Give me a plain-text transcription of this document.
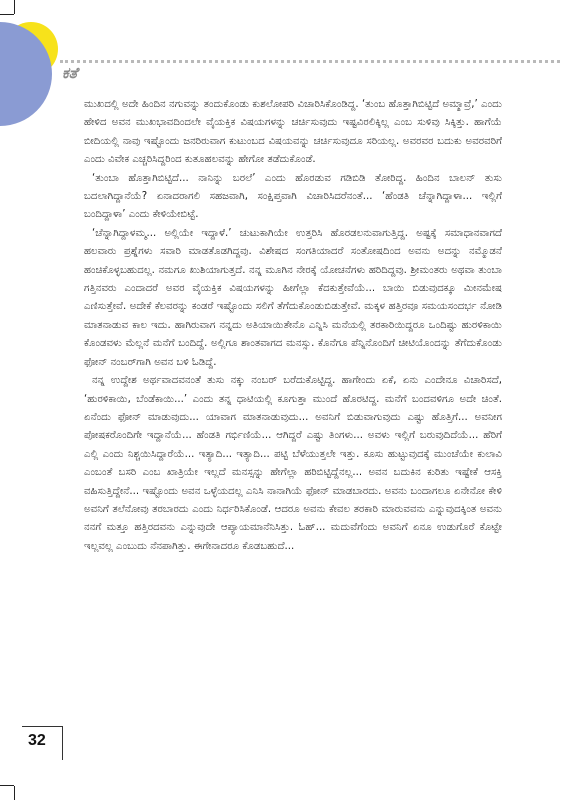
ಕತೆ

ಮುಖದಲ್ಲಿ ಅದೇ ಹಿಂದಿನ ನಗುವನ್ನು ತಂದುಕೊಂಡು ಕುಶಲೋಪರಿ ವಿಚಾರಿಸಿಕೊಂಡಿದ್ದ. ‘ತುಂಬ ಹೊತ್ತಾಗಿಬಿಟ್ಟಿದೆ ಅಮ್ಮಾವ್ರೆ,’ ಎಂದು ಹೇಳಿದ ಅವನ ಮುಖಭಾವದಿಂದಲೇ ವೈಯಕ್ತಿಕ ವಿಷಯಗಳನ್ನು ಚರ್ಚಿಸುವುದು ಇಷ್ಟವಿರಲಿಕ್ಕಿಲ್ಲ ಎಂಬ ಸುಳಿವು ಸಿಕ್ಕಿತ್ತು. ಹಾಗೆಯೆ ಬೀದಿಯಲ್ಲಿ ನಾವು ಇಷ್ಟೊಂದು ಜನರಿರುವಾಗ ಕುಟುಂಬದ ವಿಷಯವನ್ನು ಚರ್ಚಿಸುವುದೂ ಸರಿಯಲ್ಲ. ಅವರವರ ಬದುಕು ಅವರವರಿಗೆ ಎಂದು ವಿವೇಕ ಎಚ್ಚರಿಸಿದ್ದರಿಂದ ಕುತೂಹಲವನ್ನು ಹೇಗೋ ತಡೆದುಕೊಂಡೆ.

‘ತುಂಬಾ ಹೊತ್ತಾಗಿಬಿಟ್ಟಿದೆ... ನಾನಿನ್ನು ಬರಲೆ’ ಎಂದು ಹೊರಡುವ ಗಡಿಬಿಡಿ ತೋರಿದ್ದ. ಹಿಂದಿನ ಬಾಲನ್ ತುಸು ಬದಲಾಗಿದ್ದಾನೆಯೆ? ಏನಾದರಾಗಲಿ ಸಹಜವಾಗಿ, ಸಂಕ್ಷಿಪ್ತವಾಗಿ ವಿಚಾರಿಸಿದರೆನಂತೆ... ‘ಹೆಂಡತಿ ಚೆನ್ನಾಗಿದ್ದಾಳಾ... ಇಲ್ಲಿಗೆ ಬಂದಿದ್ದಾಳಾ’ ಎಂದು ಕೇಳಿಯೇಬಿಟ್ಟೆ.

‘ಚೆನ್ನಾಗಿದ್ದಾಳಮ್ಮ... ಅಲ್ಲಿಯೇ ಇದ್ದಾಳೆ.’ ಚುಟುಕಾಗಿಯೇ ಉತ್ತರಿಸಿ ಹೊರಡಲನುವಾಗುತ್ತಿದ್ದ. ಅಷ್ಟಕ್ಕೆ ಸಮಾಧಾನವಾಗದೆ ಹಲವಾರು ಪ್ರಶ್ನೆಗಳು ಸವಾರಿ ಮಾಡತೊಡಗಿದ್ದವು. ವಿಶೇಷದ ಸಂಗತಿಯಾದರೆ ಸಂತೋಷದಿಂದ ಅವನು ಅದನ್ನು ನಮ್ಮೊಡನೆ ಹಂಚಿಕೊಳ್ಳಬಹುದಲ್ಲ. ನಮಗೂ ಖುಶಿಯಾಗುತ್ತದೆ. ನನ್ನ ಮೂಗಿನ ನೇರಕ್ಕೆ ಯೋಚನೆಗಳು ಹರಿದಿದ್ದವು. ಶ್ರೀಮಂತರು ಅಥವಾ ತುಂಬಾ ಗತ್ತಿನವರು ಎಂದಾದರೆ ಅವರ ವೈಯಕ್ತಿಕ ವಿಷಯಗಳನ್ನು ಹೀಗೆಲ್ಲಾ ಕೆದಕುತ್ತೇವೆಯೆ... ಬಾಯಿ ಬಿಡುವುದಕ್ಕೂ ಮೀನಮೇಷ ಎಣಿಸುತ್ತೇವೆ. ಅದೇಕೆ ಕೆಲವರನ್ನು ಕಂಡರೆ ಇಷ್ಟೊಂದು ಸಲಿಗೆ ತೆಗೆದುಕೊಂಡುಬಿಡುತ್ತೇವೆ. ಮಕ್ಕಳ ಹತ್ತಿರವೂ ಸಮಯಸಂದರ್ಭ ನೋಡಿ ಮಾತನಾಡುವ ಕಾಲ ಇದು. ಹಾಗಿರುವಾಗ ನನ್ನದು ಅತಿಯಾಯಿತೇನೊ ಎನ್ನಿಸಿ ಮನೆಯಲ್ಲಿ ತರಕಾರಿಯಿದ್ದರೂ ಒಂದಿಷ್ಟು ಹುರಳಿಕಾಯಿ ಕೊಂಡವಳು ಮೆಲ್ಲನೆ ಮನೆಗೆ ಬಂದಿದ್ದೆ. ಅಲ್ಲಿಗೂ ಶಾಂತವಾಗದ ಮನಸ್ಸು. ಕೊನೆಗೂ ಪೆನ್ನಿನೊಂದಿಗೆ ಚೀಟಿಯೊಂದನ್ನು ತೆಗೆದುಕೊಂಡು ಫೋನ್ ನಂಬರ್‌ಗಾಗಿ ಅವನ ಬಳಿ ಓಡಿದ್ದೆ.

ನನ್ನ ಉದ್ದೇಶ ಅರ್ಥವಾದವನಂತೆ ತುಸು ನಕ್ಕು ನಂಬರ್ ಬರೆದುಕೊಟ್ಟಿದ್ದ. ಹಾಗೇಂದು ಏಕೆ, ಏನು ಎಂದೇನೂ ವಿಚಾರಿಸದೆ, ‘ಹುರಳಿಕಾಯಿ, ಬೆಂಡೆಕಾಯಿ...’ ಎಂದು ತನ್ನ ಧಾಟಿಯಲ್ಲಿ ಕೂಗುತ್ತಾ ಮುಂದೆ ಹೊರಟಿದ್ದ. ಮನೆಗೆ ಬಂದವಳಿಗೂ ಅದೇ ಚಿಂತೆ. ಏನೆಂದು ಫೋನ್ ಮಾಡುವುದು... ಯಾವಾಗ ಮಾತನಾಡುವುದು... ಅವನಿಗೆ ಬಿಡುವಾಗುವುದು ಎಷ್ಟು ಹೊತ್ತಿಗೆ... ಅವನೀಗ ಪೋಷಕರೊಂದಿಗೇ ಇದ್ದಾನೆಯೆ... ಹೆಂಡತಿ ಗರ್ಭಿಣಿಯೆ... ಆಗಿದ್ದರೆ ಎಷ್ಟು ತಿಂಗಳು... ಅವಳು ಇಲ್ಲಿಗೆ ಬರುವುದಿದೆಯೆ... ಹೆರಿಗೆ ಎಲ್ಲಿ ಎಂದು ನಿಶ್ಚಯಿಸಿದ್ದಾರೆಯೆ... ಇತ್ಯಾದಿ... ಇತ್ಯಾದಿ... ಪಟ್ಟಿ ಬೆಳೆಯುತ್ತಲೇ ಇತ್ತು. ಕೂಸು ಹುಟ್ಟುವುದಕ್ಕೆ ಮುಂಚೆಯೇ ಕುಲಾವಿ ಎಂಬಂತೆ ಬಸರಿ ಎಂಬ ಖಾತ್ರಿಯೇ ಇಲ್ಲದೆ ಮನಸ್ಸನ್ನು ಹೇಗೆಲ್ಲಾ ಹರಿಬಿಟ್ಟಿದ್ದೆನಲ್ಲ... ಅವನ ಬದುಕಿನ ಕುರಿತು ಇಷ್ಟೇಕೆ ಆಸಕ್ತಿ ವಹಿಸುತ್ತಿದ್ದೇನೆ... ಇಷ್ಟೊಂದು ಅವನ ಒಳ್ಳೆಯದಲ್ಲ ಎನಿಸಿ ನಾನಾಗಿಯೆ ಫೋನ್ ಮಾಡಬಾರದು. ಅವನು ಬಂದಾಗಲೂ ಏನೇನೋ ಕೇಳಿ ಅವನಿಗೆ ತಲೆನೋವು ತರಬಾರದು ಎಂದು ನಿರ್ಧರಿಸಿಕೊಂಡೆ. ಆದರೂ ಅವನು ಕೇವಲ ತರಕಾರಿ ಮಾರುವವನು ಎನ್ನುವುದಕ್ಕಿಂತ ಅವನು ನನಗೆ ಮತ್ತೂ ಹತ್ತಿರದವನು ಎನ್ನುವುದೇ ಆಪ್ಯಾಯಮಾನೆನಿಸಿತ್ತು. ಓಹ್... ಮದುವೆಗೆಂದು ಅವನಿಗೆ ಏನೂ ಉಡುಗೊರೆ ಕೊಟ್ಟೇ ಇಲ್ಲವಲ್ಲ ಎಂಬುದು ನೆನಪಾಗಿತ್ತು. ಈಗೇನಾದರೂ ಕೊಡಬಹುದೆ...

32
